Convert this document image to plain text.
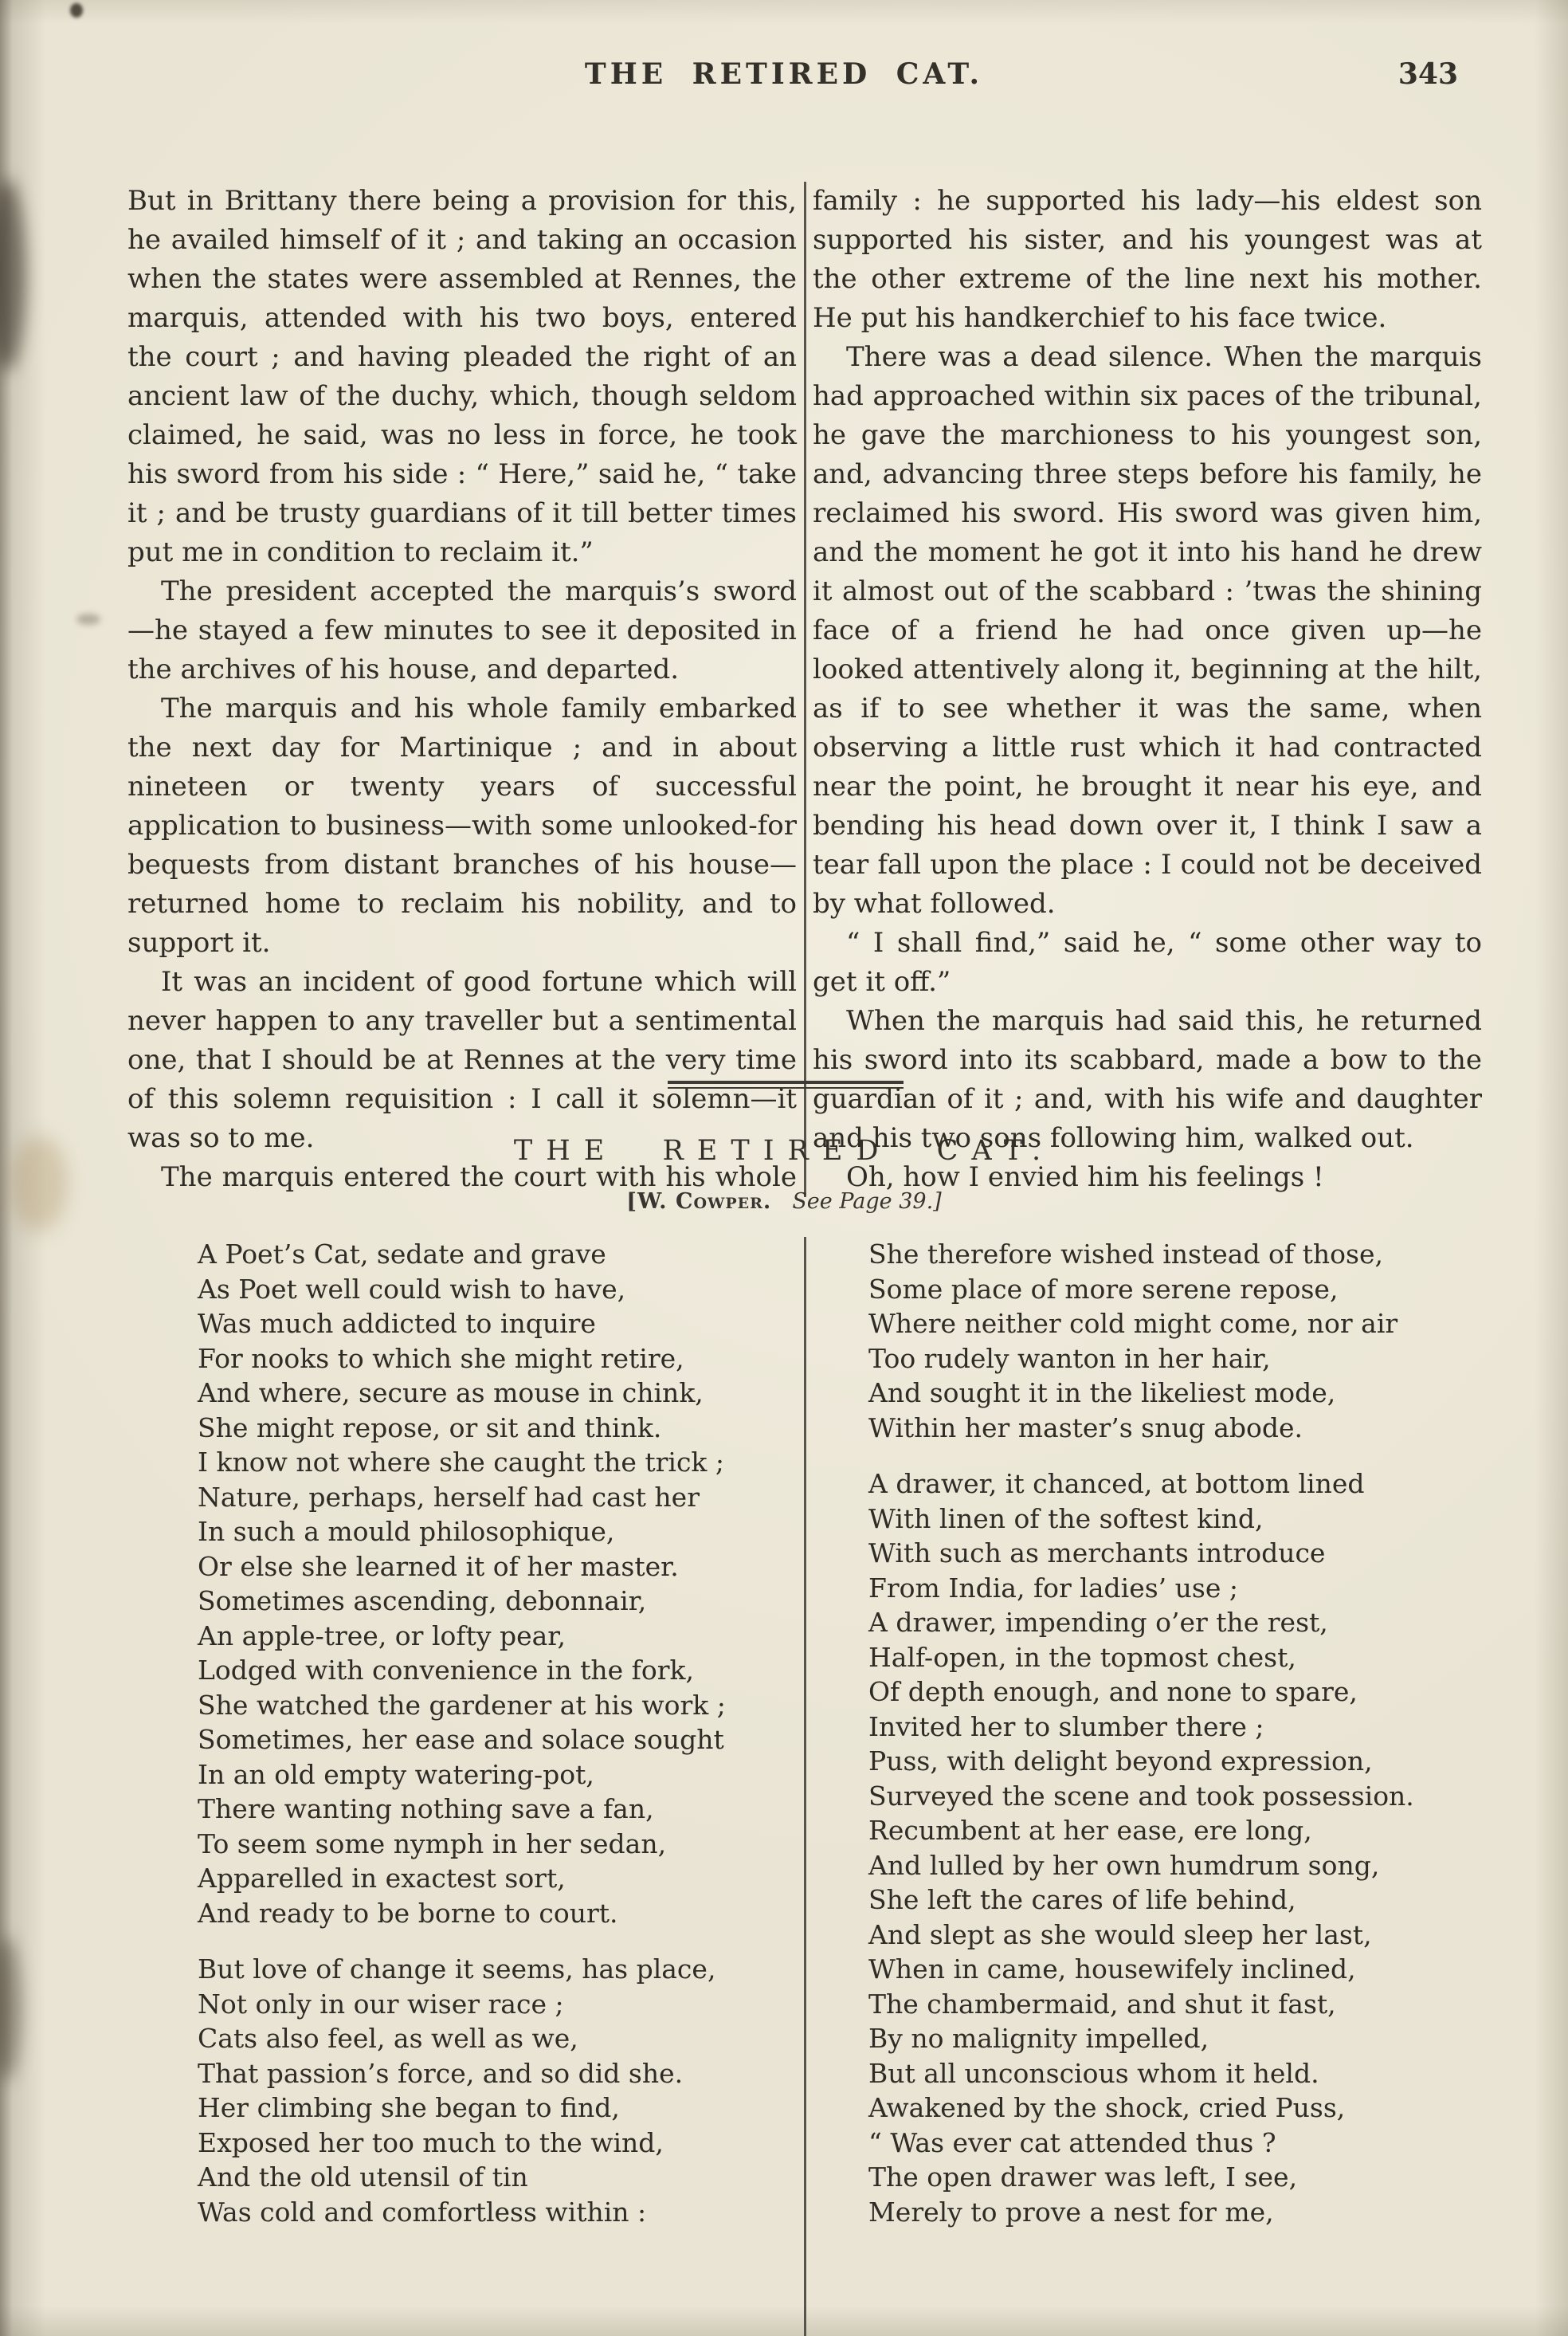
THE RETIRED CAT.	343

But in Brittany there being a provision for this, he availed himself of it ; and taking an occasion when the states were assembled at Rennes, the marquis, attended with his two boys, entered the court ; and having pleaded the right of an ancient law of the duchy, which, though seldom claimed, he said, was no less in force, he took his sword from his side : “ Here,” said he, “ take it ; and be trusty guardians of it till better times put me in condition to reclaim it.”

The president accepted the marquis’s sword—he stayed a few minutes to see it deposited in the archives of his house, and departed.

The marquis and his whole family embarked the next day for Martinique ; and in about nineteen or twenty years of successful application to business—with some unlooked-for bequests from distant branches of his house—returned home to reclaim his nobility, and to support it.

It was an incident of good fortune which will never happen to any traveller but a sentimental one, that I should be at Rennes at the very time of this solemn requisition : I call it solemn—it was so to me.

The marquis entered the court with his whole

family : he supported his lady—his eldest son supported his sister, and his youngest was at the other extreme of the line next his mother. He put his handkerchief to his face twice.

There was a dead silence. When the marquis had approached within six paces of the tribunal, he gave the marchioness to his youngest son, and, advancing three steps before his family, he reclaimed his sword. His sword was given him, and the moment he got it into his hand he drew it almost out of the scabbard : ’twas the shining face of a friend he had once given up—he looked attentively along it, beginning at the hilt, as if to see whether it was the same, when observing a little rust which it had contracted near the point, he brought it near his eye, and bending his head down over it, I think I saw a tear fall upon the place : I could not be deceived by what followed.

“ I shall find,” said he, “ some other way to get it off.”

When the marquis had said this, he returned his sword into its scabbard, made a bow to the guardian of it ; and, with his wife and daughter and his two sons following him, walked out.

Oh, how I envied him his feelings !

THE RETIRED CAT.
[W. Cowper. See Page 39.]
A Poet’s Cat, sedate and grave
As Poet well could wish to have,
Was much addicted to inquire
For nooks to which she might retire,
And where, secure as mouse in chink,
She might repose, or sit and think.
I know not where she caught the trick ;
Nature, perhaps, herself had cast her
In such a mould philosophique,
Or else she learned it of her master.
Sometimes ascending, debonnair,
An apple-tree, or lofty pear,
Lodged with convenience in the fork,
She watched the gardener at his work ;
Sometimes, her ease and solace sought
In an old empty watering-pot,
There wanting nothing save a fan,
To seem some nymph in her sedan,
Apparelled in exactest sort,
And ready to be borne to court.
But love of change it seems, has place,
Not only in our wiser race ;
Cats also feel, as well as we,
That passion’s force, and so did she.
Her climbing she began to find,
Exposed her too much to the wind,
And the old utensil of tin
Was cold and comfortless within :
She therefore wished instead of those,
Some place of more serene repose,
Where neither cold might come, nor air
Too rudely wanton in her hair,
And sought it in the likeliest mode,
Within her master’s snug abode.
A drawer, it chanced, at bottom lined
With linen of the softest kind,
With such as merchants introduce
From India, for ladies’ use ;
A drawer, impending o’er the rest,
Half-open, in the topmost chest,
Of depth enough, and none to spare,
Invited her to slumber there ;
Puss, with delight beyond expression,
Surveyed the scene and took possession.
Recumbent at her ease, ere long,
And lulled by her own humdrum song,
She left the cares of life behind,
And slept as she would sleep her last,
When in came, housewifely inclined,
The chambermaid, and shut it fast,
By no malignity impelled,
But all unconscious whom it held.
Awakened by the shock, cried Puss,
“ Was ever cat attended thus ?
The open drawer was left, I see,
Merely to prove a nest for me,
